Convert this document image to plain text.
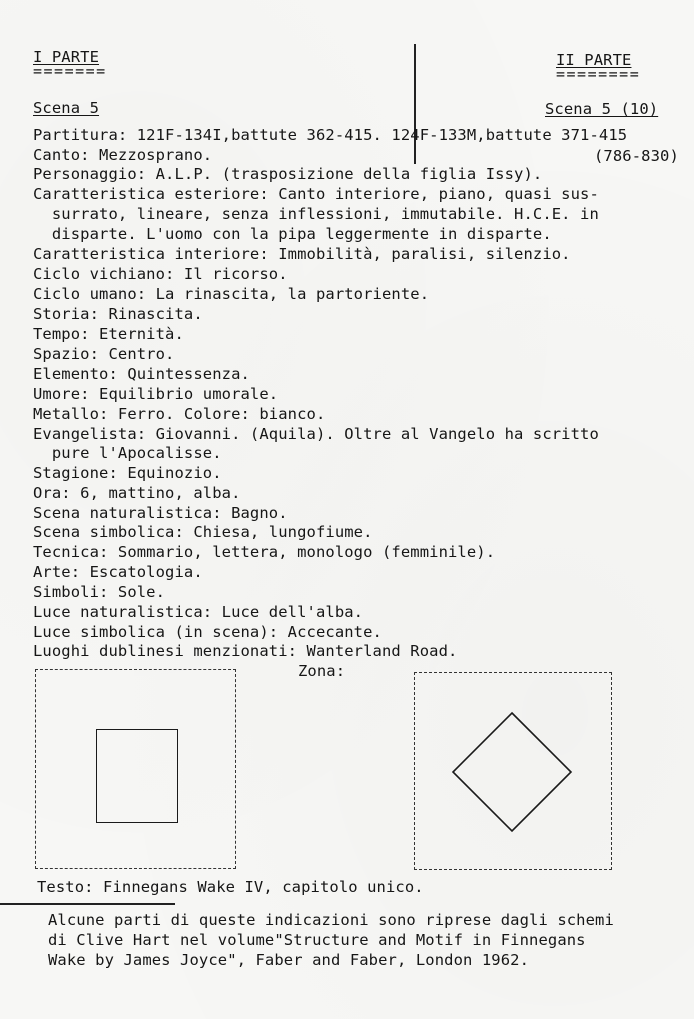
I PARTE
=======
II PARTE
========
Scena 5	Scena 5 (10)
Partitura: 121F-134I,battute 362-415. 124F-133M,battute 371-415
Canto: Mezzosprano.	(786-830)
Personaggio: A.L.P. (trasposizione della figlia Issy).
Caratteristica esteriore: Canto interiore, piano, quasi sus-
surrato, lineare, senza inflessioni, immutabile. H.C.E. in
disparte. L'uomo con la pipa leggermente in disparte.
Caratteristica interiore: Immobilità, paralisi, silenzio.
Ciclo vichiano: Il ricorso.
Ciclo umano: La rinascita, la partoriente.
Storia: Rinascita.
Tempo: Eternità.
Spazio: Centro.
Elemento: Quintessenza.
Umore: Equilibrio umorale.
Metallo: Ferro. Colore: bianco.
Evangelista: Giovanni. (Aquila). Oltre al Vangelo ha scritto
pure l'Apocalisse.
Stagione: Equinozio.
Ora: 6, mattino, alba.
Scena naturalistica: Bagno.
Scena simbolica: Chiesa, lungofiume.
Tecnica: Sommario, lettera, monologo (femminile).
Arte: Escatologia.
Simboli: Sole.
Luce naturalistica: Luce dell'alba.
Luce simbolica (in scena): Accecante.
Luoghi dublinesi menzionati: Wanterland Road.
Zona:
Testo: Finnegans Wake IV, capitolo unico.
Alcune parti di queste indicazioni sono riprese dagli schemi
di Clive Hart nel volume"Structure and Motif in Finnegans
Wake by James Joyce", Faber and Faber, London 1962.
